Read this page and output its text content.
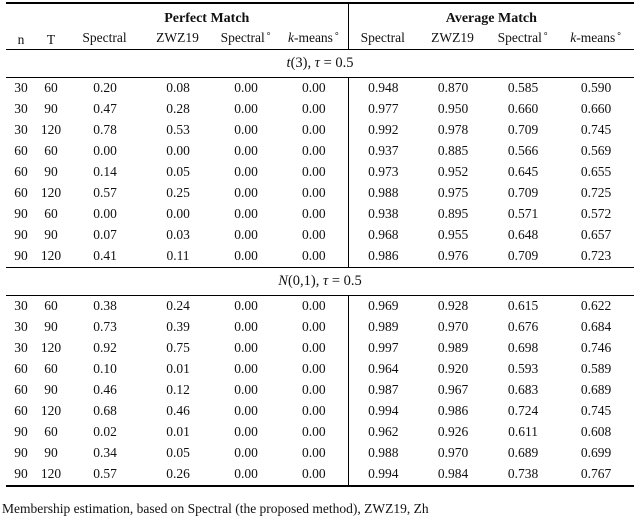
n	T	Perfect Match				Average Match			
		Spectral	ZWZ19	Spectral∘	k-means∘	Spectral	ZWZ19	Spectral∘	k-means∘
t(3), τ = 0.5									
30	60	0.20	0.08	0.00	0.00	0.948	0.870	0.585	0.590
30	90	0.47	0.28	0.00	0.00	0.977	0.950	0.660	0.660
30	120	0.78	0.53	0.00	0.00	0.992	0.978	0.709	0.745
60	60	0.00	0.00	0.00	0.00	0.937	0.885	0.566	0.569
60	90	0.14	0.05	0.00	0.00	0.973	0.952	0.645	0.655
60	120	0.57	0.25	0.00	0.00	0.988	0.975	0.709	0.725
90	60	0.00	0.00	0.00	0.00	0.938	0.895	0.571	0.572
90	90	0.07	0.03	0.00	0.00	0.968	0.955	0.648	0.657
90	120	0.41	0.11	0.00	0.00	0.986	0.976	0.709	0.723
N(0,1), τ = 0.5									
30	60	0.38	0.24	0.00	0.00	0.969	0.928	0.615	0.622
30	90	0.73	0.39	0.00	0.00	0.989	0.970	0.676	0.684
30	120	0.92	0.75	0.00	0.00	0.997	0.989	0.698	0.746
60	60	0.10	0.01	0.00	0.00	0.964	0.920	0.593	0.589
60	90	0.46	0.12	0.00	0.00	0.987	0.967	0.683	0.689
60	120	0.68	0.46	0.00	0.00	0.994	0.986	0.724	0.745
90	60	0.02	0.01	0.00	0.00	0.962	0.926	0.611	0.608
90	90	0.34	0.05	0.00	0.00	0.988	0.970	0.689	0.699
90	120	0.57	0.26	0.00	0.00	0.994	0.984	0.738	0.767
Membership estimation, based on Spectral (the proposed method), ZWZ19, Zh
